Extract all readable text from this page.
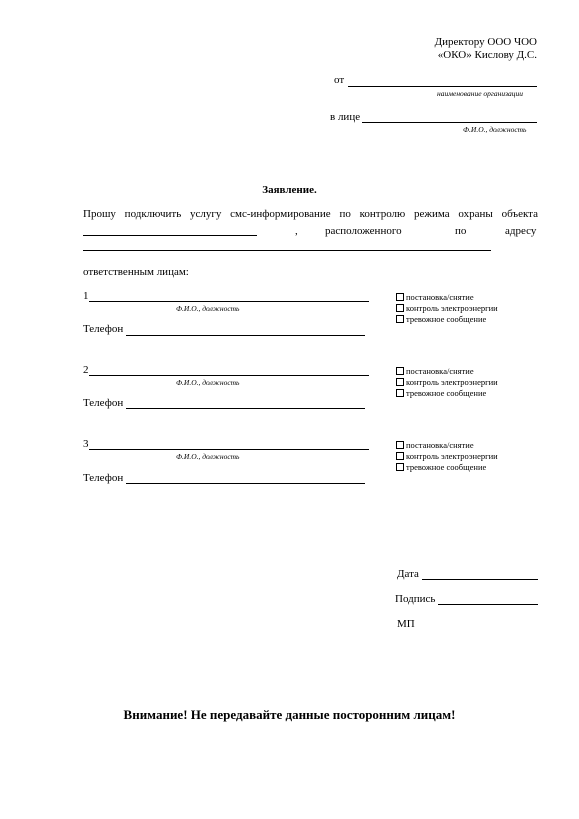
Директору ООО ЧОО
«ОКО» Кислову Д.С.
от
наименование организации
в лице
Ф.И.О., должность
Заявление.
Прошу подключить услугу смс-информирование по контролю режима охраны объекта
, расположенного	по	адресу
ответственным лицам:
1
Ф.И.О., должность
Телефон
постановка/снятие
контроль электроэнергии
тревожное сообщение
2
Ф.И.О., должность
Телефон
постановка/снятие
контроль электроэнергии
тревожное сообщение
3
Ф.И.О., должность
Телефон
постановка/снятие
контроль электроэнергии
тревожное сообщение
Дата
Подпись
МП
Внимание! Не передавайте данные посторонним лицам!
